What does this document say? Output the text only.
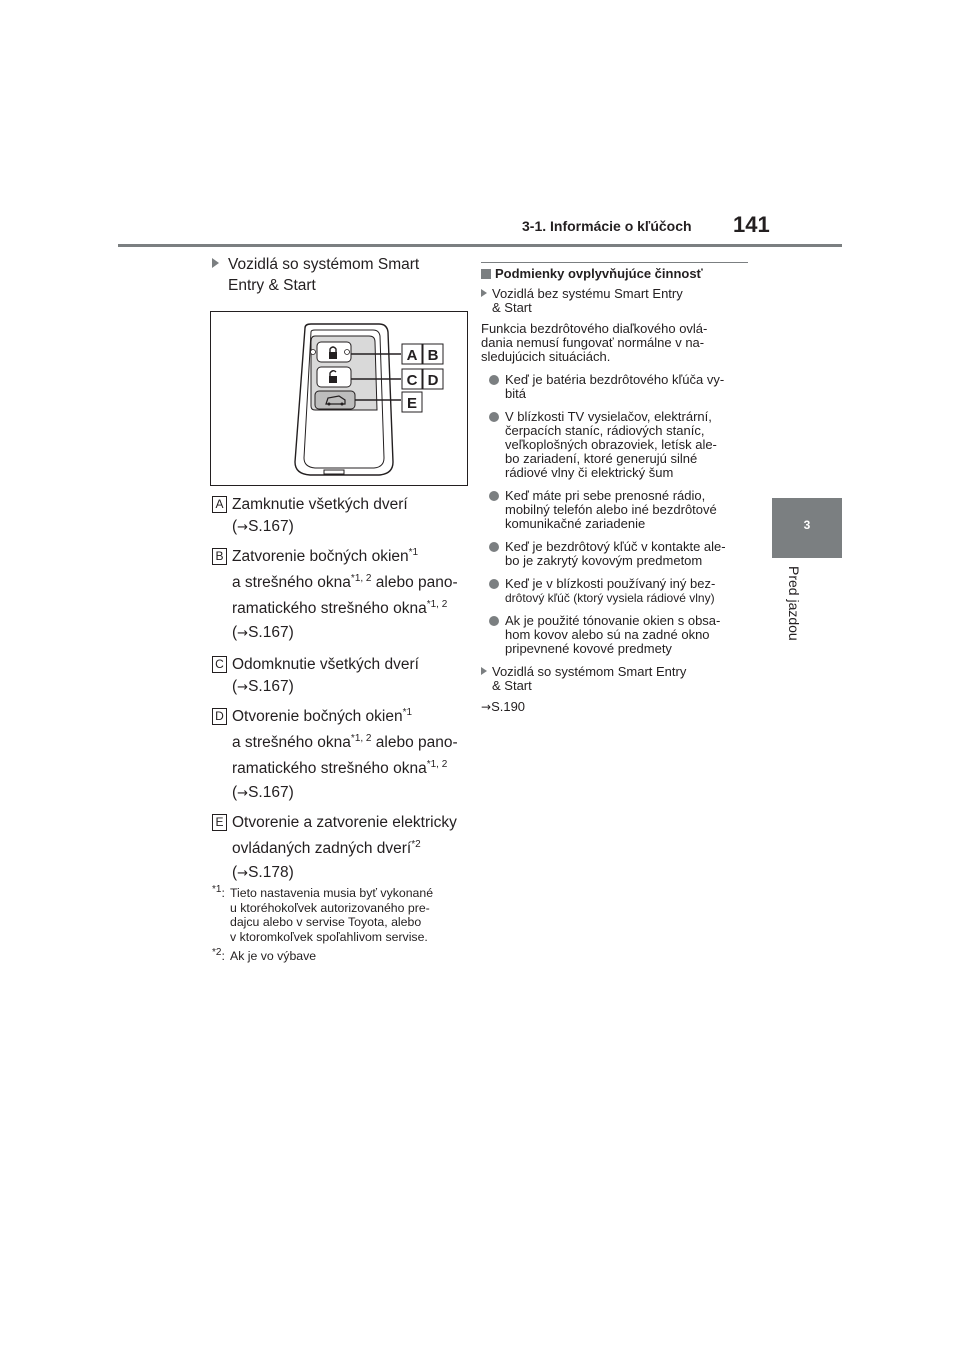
3-1. Informácie o kľúčoch 141
3
Pred jazdou
Vozidlá so systémom Smart
Entry & Start
A B
C D
E
A Zamknutie všetkých dverí
(→S.167)
B Zatvorenie bočných okien$^{*1}$
a strešného okna$^{*1, 2}$ alebo pano-
ramatického strešného okna$^{*1, 2}$
(→S.167)
C Odomknutie všetkých dverí
(→S.167)
D Otvorenie bočných okien$^{*1}$
a strešného okna$^{*1, 2}$ alebo pano-
ramatického strešného okna$^{*1, 2}$
(→S.167)
E Otvorenie a zatvorenie elektricky
ovládaných zadných dverí$^{*2}$
(→S.178)
$^{*1}$: Tieto nastavenia musia byť vykonané
u ktoréhokoľvek autorizovaného pre-
dajcu alebo v servise Toyota, alebo
v ktoromkoľvek spoľahlivom servise.
$^{*2}$: Ak je vo výbave
Podmienky ovplyvňujúce činnosť
Vozidlá bez systému Smart Entry
& Start
Funkcia bezdrôtového diaľkového ovlá-
dania nemusí fungovať normálne v na-
sledujúcich situáciách.
Keď je batéria bezdrôtového kľúča vy-
bitá
V blízkosti TV vysielačov, elektrární,
čerpacích staníc, rádiových staníc,
veľkoplošných obrazoviek, letísk ale-
bo zariadení, ktoré generujú silné
rádiové vlny či elektrický šum
Keď máte pri sebe prenosné rádio,
mobilný telefón alebo iné bezdrôtové
komunikačné zariadenie
Keď je bezdrôtový kľúč v kontakte ale-
bo je zakrytý kovovým predmetom
Keď je v blízkosti používaný iný bez-
drôtový kľúč (ktorý vysiela rádiové vlny)
Ak je použité tónovanie okien s obsa-
hom kovov alebo sú na zadné okno
pripevnené kovové predmety
Vozidlá so systémom Smart Entry
& Start
→S.190
